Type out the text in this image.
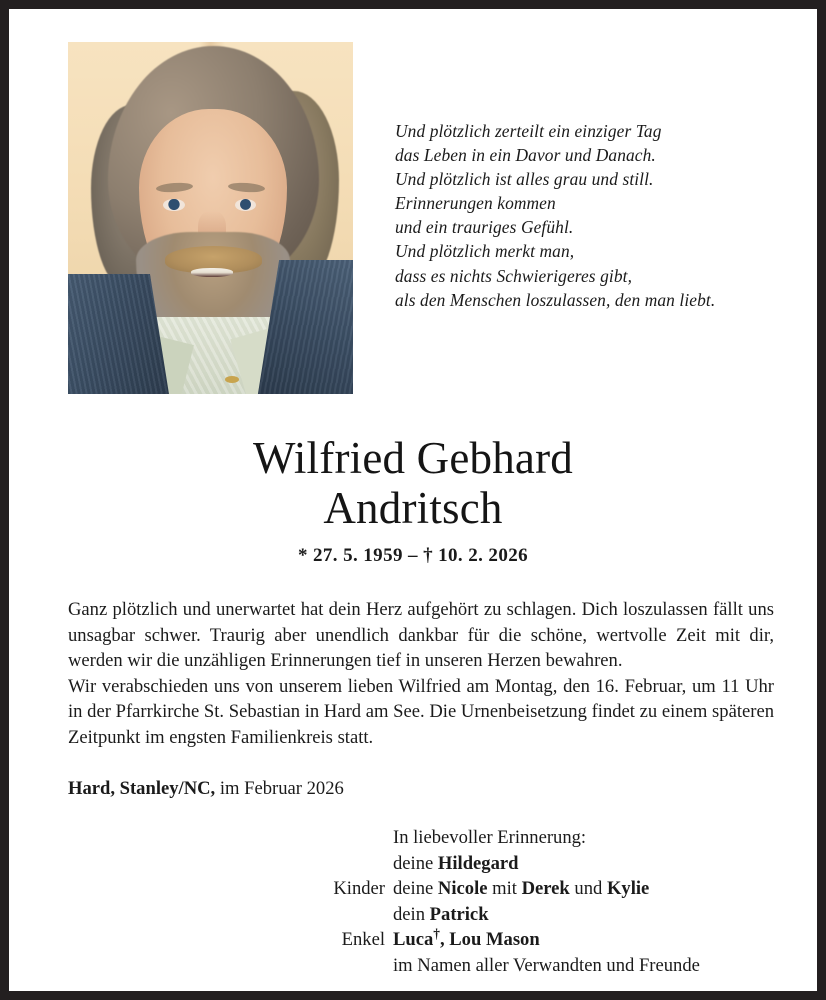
Und plötzlich zerteilt ein einziger Tag
das Leben in ein Davor und Danach.
Und plötzlich ist alles grau und still.
Erinnerungen kommen
und ein trauriges Gefühl.
Und plötzlich merkt man,
dass es nichts Schwierigeres gibt,
als den Menschen loszulassen, den man liebt.
Wilfried Gebhard
Andritsch
* 27. 5. 1959 – † 10. 2. 2026

Ganz plötzlich und unerwartet hat dein Herz aufgehört zu schlagen. Dich loszulassen fällt uns unsagbar schwer. Traurig aber unendlich dankbar für die schöne, wertvolle Zeit mit dir, werden wir die unzähligen Erinnerungen tief in unseren Herzen bewahren.

Wir verabschieden uns von unserem lieben Wilfried am Montag, den 16. Februar, um 11 Uhr in der Pfarrkirche St. Sebastian in Hard am See. Die Urnenbeisetzung findet zu einem späteren Zeitpunkt im engsten Familienkreis statt.

Hard, Stanley/NC, im Februar 2026
In liebevoller Erinnerung:
deine Hildegard
Kinder deine Nicole mit Derek und Kylie
dein Patrick
Enkel Luca†, Lou Mason
im Namen aller Verwandten und Freunde
